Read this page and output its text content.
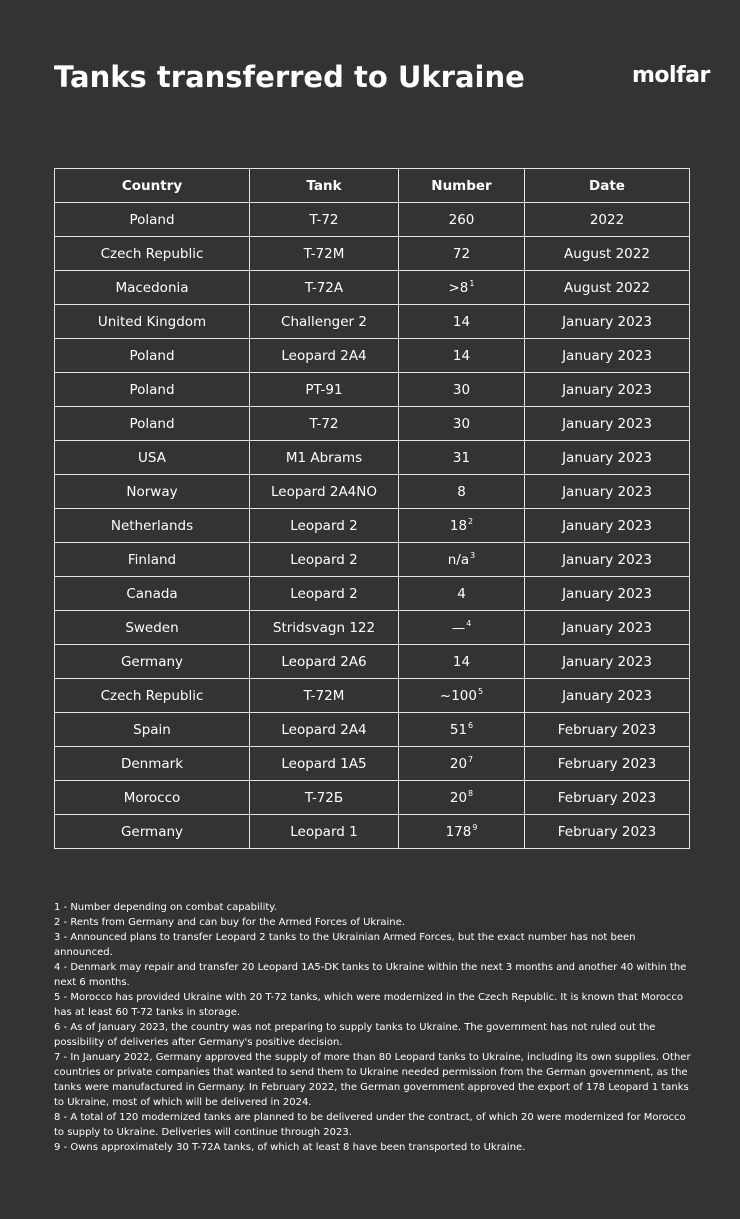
Tanks transferred to Ukraine	molfar
Country	Tank	Number	Date
Poland	T-72	260	2022
Czech Republic	T-72M	72	August 2022
Macedonia	T-72A	$>8^1$	August 2022
United Kingdom	Challenger 2	14	January 2023
Poland	Leopard 2A4	14	January 2023
Poland	PT-91	30	January 2023
Poland	T-72	30	January 2023
USA	M1 Abrams	31	January 2023
Norway	Leopard 2A4NO	8	January 2023
Netherlands	Leopard 2	$18^2$	January 2023
Finland	Leopard 2	$n/a^3$	January 2023
Canada	Leopard 2	4	January 2023
Sweden	Stridsvagn 122	—$^4$	January 2023
Germany	Leopard 2A6	14	January 2023
Czech Republic	T-72M	$\sim 100^5$	January 2023
Spain	Leopard 2A4	$51^6$	February 2023
Denmark	Leopard 1A5	$20^7$	February 2023
Morocco	T-72Б	$20^8$	February 2023
Germany	Leopard 1	$178^9$	February 2023

1 - Number depending on combat capability.

2 - Rents from Germany and can buy for the Armed Forces of Ukraine.

3 - Announced plans to transfer Leopard 2 tanks to the Ukrainian Armed Forces, but the exact number has not been announced.

4 - Denmark may repair and transfer 20 Leopard 1A5-DK tanks to Ukraine within the next 3 months and another 40 within the next 6 months.

5 - Morocco has provided Ukraine with 20 T-72 tanks, which were modernized in the Czech Republic. It is known that Morocco has at least 60 T-72 tanks in storage.

6 - As of January 2023, the country was not preparing to supply tanks to Ukraine. The government has not ruled out the possibility of deliveries after Germany's positive decision.

7 - In January 2022, Germany approved the supply of more than 80 Leopard tanks to Ukraine, including its own supplies. Other countries or private companies that wanted to send them to Ukraine needed permission from the German government, as the tanks were manufactured in Germany. In February 2022, the German government approved the export of 178 Leopard 1 tanks to Ukraine, most of which will be delivered in 2024.

8 - A total of 120 modernized tanks are planned to be delivered under the contract, of which 20 were modernized for Morocco to supply to Ukraine. Deliveries will continue through 2023.

9 - Owns approximately 30 T-72A tanks, of which at least 8 have been transported to Ukraine.
